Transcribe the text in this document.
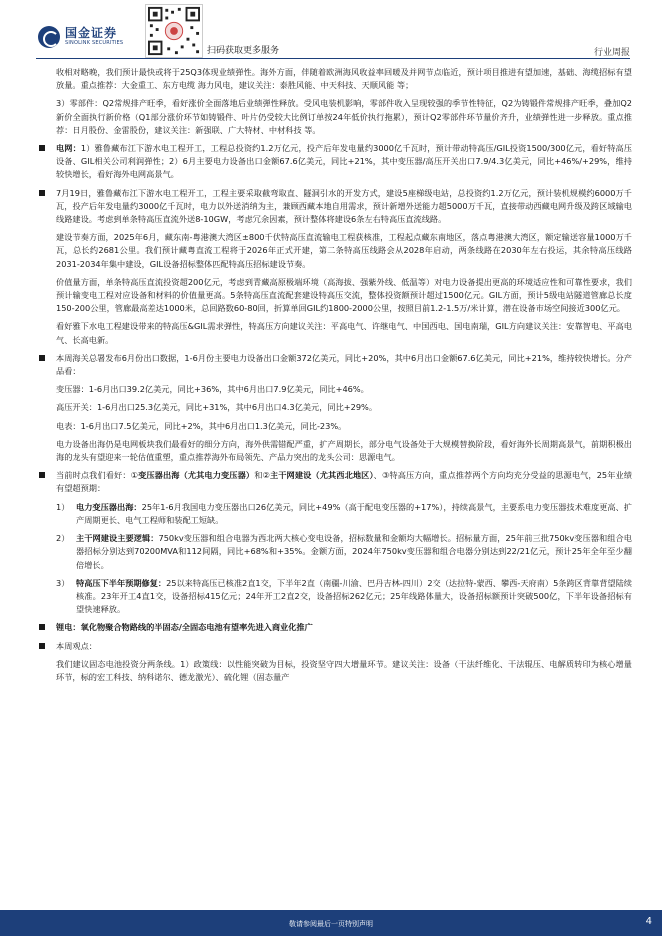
国金证券
SINOLINK SECURITIES
扫码获取更多服务	行业周报

收相对略晚，我们预计最快或将于25Q3体现业绩弹性。海外方面，伴随着欧洲海风收益率回暖及并网节点临近，预计项目推进有望加速，基础、海缆招标有望放量。重点推荐：大金重工、东方电缆 海力风电，建议关注：泰胜风能、中天科技、天顺风能 等；

3）零部件：Q2常规排产旺季，看好涨价全面落地后业绩弹性释放。受风电装机影响，零部件收入呈现较强的季节性特征，Q2为铸锻件常规排产旺季，叠加Q2新价全面执行新价格（Q1部分涨价环节如铸锻件、叶片仍受较大比例订单按24年低价执行拖累），预计Q2零部件环节量价齐升，业绩弹性进一步释放。重点推荐：日月股份、金雷股份，建议关注：新强联、广大特材、中材科技 等。

电网：1）雅鲁藏布江下游水电工程开工，工程总投资约1.2万亿元，投产后年发电量约3000亿千瓦时，预计带动特高压/GIL投资1500/300亿元，看好特高压设备、GIL相关公司利润弹性；2）6月主要电力设备出口金额67.6亿美元，同比+21%，其中变压器/高压开关出口7.9/4.3亿美元，同比+46%/+29%，维持较快增长，看好海外电网高景气。

7月19日，雅鲁藏布江下游水电工程开工，工程主要采取截弯取直、隧洞引水的开发方式，建设5座梯级电站，总投资约1.2万亿元，预计装机规模约6000万千瓦，投产后年发电量约3000亿千瓦时，电力以外送消纳为主，兼顾西藏本地自用需求，预计新增外送能力超5000万千瓦，直接带动西藏电网升级及跨区域输电线路建设。考虑到单条特高压直流外送8-10GW，考虑冗余因素，预计整体将建设6条左右特高压直流线路。

建设节奏方面，2025年6月，藏东南-粤港澳大湾区±800千伏特高压直流输电工程获核准，工程起点藏东南地区，落点粤港澳大湾区，额定输送容量1000万千瓦，总长约2681公里。我们预计藏粤直流工程将于2026年正式开建，第二条特高压线路会从2028年启动，两条线路在2030年左右投运，其余特高压线路2031-2034年集中建设，GIL设备招标整体匹配特高压招标建设节奏。

价值量方面，单条特高压直流投资超200亿元，考虑到青藏高原极端环境（高海拔、强紫外线、低温等）对电力设备提出更高的环境适应性和可靠性要求，我们预计输变电工程对应设备和材料的价值量更高。5条特高压直流配套建设特高压交流，整体投资额预计超过1500亿元。GIL方面，预计5级电站隧道管廊总长度150-200公里，管廊最高差达1000米，总回路数60-80回，折算单回GIL约1800-2000公里，按照目前1.2-1.5万/米计算，潜在设备市场空间接近300亿元。

看好雅下水电工程建设带来的特高压&GIL需求弹性，特高压方向建议关注：平高电气、许继电气、中国西电、国电南瑞，GIL方向建议关注：安靠智电、平高电气、长高电新。

本周海关总署发布6月份出口数据，1-6月份主要电力设备出口金额372亿美元，同比+20%，其中6月出口金额67.6亿美元，同比+21%，维持较快增长。分产品看：

变压器：1-6月出口39.2亿美元，同比+36%，其中6月出口7.9亿美元，同比+46%。

高压开关：1-6月出口25.3亿美元，同比+31%，其中6月出口4.3亿美元，同比+29%。

电表：1-6月出口7.5亿美元，同比+2%，其中6月出口1.3亿美元，同比-23%。

电力设备出海仍是电网板块我们最看好的细分方向，海外供需错配严重，扩产周期长，部分电气设备处于大规模替换阶段，看好海外长周期高景气，前期积极出海的龙头有望迎来一轮估值重塑，重点推荐海外布局领先、产品力突出的龙头公司：思源电气。

当前时点我们看好：①变压器出海（尤其电力变压器）和②主干网建设（尤其西北地区）、③特高压方向，重点推荐两个方向均充分受益的思源电气，25年业绩有望超预期：

1） 电力变压器出海：25年1-6月我国电力变压器出口26亿美元，同比+49%（高于配电变压器的+17%），持续高景气，主要系电力变压器技术难度更高、扩产周期更长、电气工程师和装配工短缺。

2） 主干网建设主要逻辑：750kv变压器和组合电器为西北两大核心变电设备，招标数量和金额均大幅增长。招标量方面，25年前三批750kv变压器和组合电器招标分别达到70200MVA和112间隔，同比+68%和+35%。金额方面，2024年750kv变压器和组合电器分别达到22/21亿元，预计25年全年至少翻倍增长。

3） 特高压下半年预期修复：25以来特高压已核准2直1交，下半年2直（南疆-川渝、巴丹吉林-四川）2交（达拉特-蒙西、攀西-天府南）5条跨区背靠背望陆续核准。23年开工4直1交，设备招标415亿元；24年开工2直2交，设备招标262亿元；25年线路体量大，设备招标额预计突破500亿，下半年设备招标有望快速释放。

锂电：氧化物聚合物路线的半固态/全固态电池有望率先进入商业化推广

本周观点：

我们建议固态电池投资分两条线。1）政策线：以性能突破为目标，投资坚守四大增量环节。建议关注：设备（干法纤维化、干法辊压、电解质转印为核心增量环节，标的宏工科技、纳科诺尔、德龙激光）、硫化锂（固态量产

敬请参阅最后一页特别声明	4
